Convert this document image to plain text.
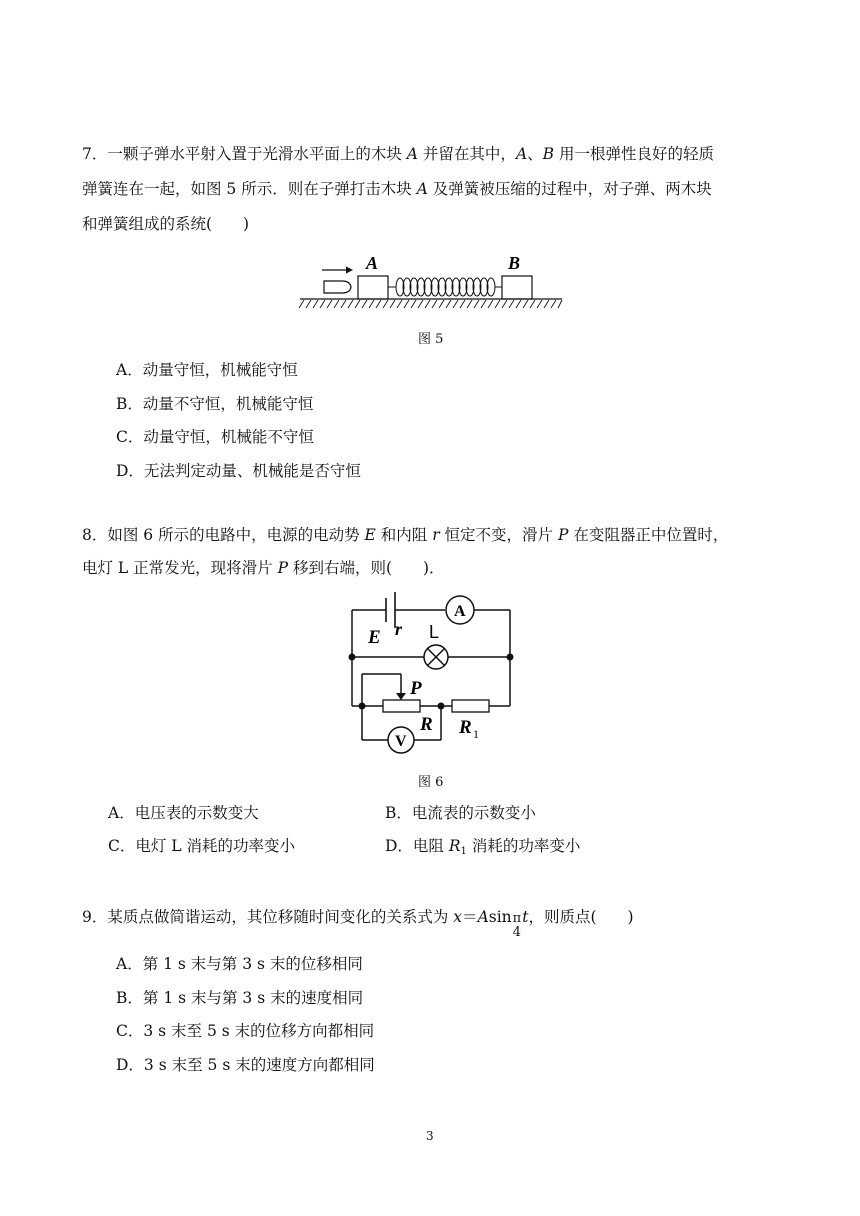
7．一颗子弹水平射入置于光滑水平面上的木块 A 并留在其中，A、B 用一根弹性良好的轻质
弹簧连在一起，如图 5 所示．则在子弹打击木块 A 及弹簧被压缩的过程中，对子弹、两木块
和弹簧组成的系统(　　)
A	B
图 5
A．动量守恒，机械能守恒
B．动量不守恒，机械能守恒
C．动量守恒，机械能不守恒
D．无法判定动量、机械能是否守恒
8．如图 6 所示的电路中，电源的电动势 E 和内阻 r 恒定不变，滑片 P 在变阻器正中位置时，
电灯 L 正常发光，现将滑片 P 移到右端，则(　　)．
E r
A
L
P
R R 1
V
图 6
A．电压表的示数变大	B．电流表的示数变小
C．电灯 L 消耗的功率变小	D．电阻 $R_1$ 消耗的功率变小
9．某质点做简谐运动，其位移随时间变化的关系式为 x＝Asin π
4
t，则质点(　　)
A．第 1 s 末与第 3 s 末的位移相同
B．第 1 s 末与第 3 s 末的速度相同
C．3 s 末至 5 s 末的位移方向都相同
D．3 s 末至 5 s 末的速度方向都相同
3
